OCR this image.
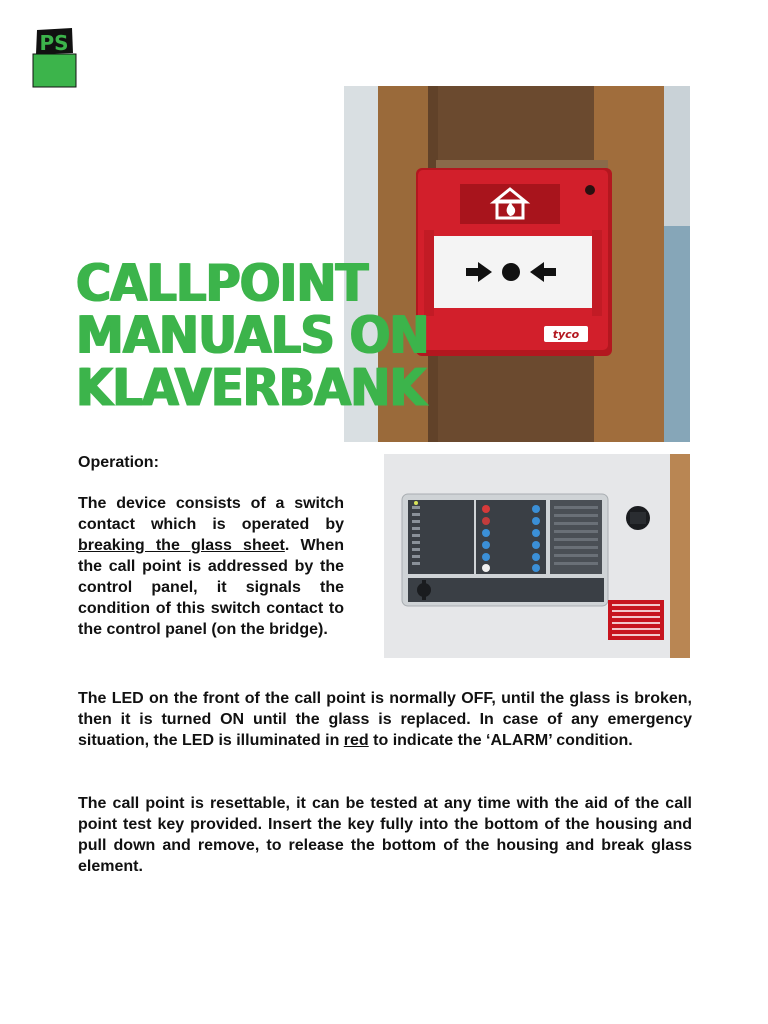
PS
tyco
CALLPOINT
MANUALS ON
KLAVERBANK
Operation:

The device consists of a switch contact which is operated by breaking the glass sheet. When the call point is addressed by the control panel, it signals the condition of this switch contact to the control panel (on the bridge).

The LED on the front of the call point is normally OFF, until the glass is broken, then it is turned ON until the glass is replaced. In case of any emergency situation, the LED is illuminated in red to indicate the ‘ALARM’ condition.

The call point is resettable, it can be tested at any time with the aid of the call point test key provided. Insert the key fully into the bottom of the housing and pull down and remove, to release the bottom of the housing and break glass element.
